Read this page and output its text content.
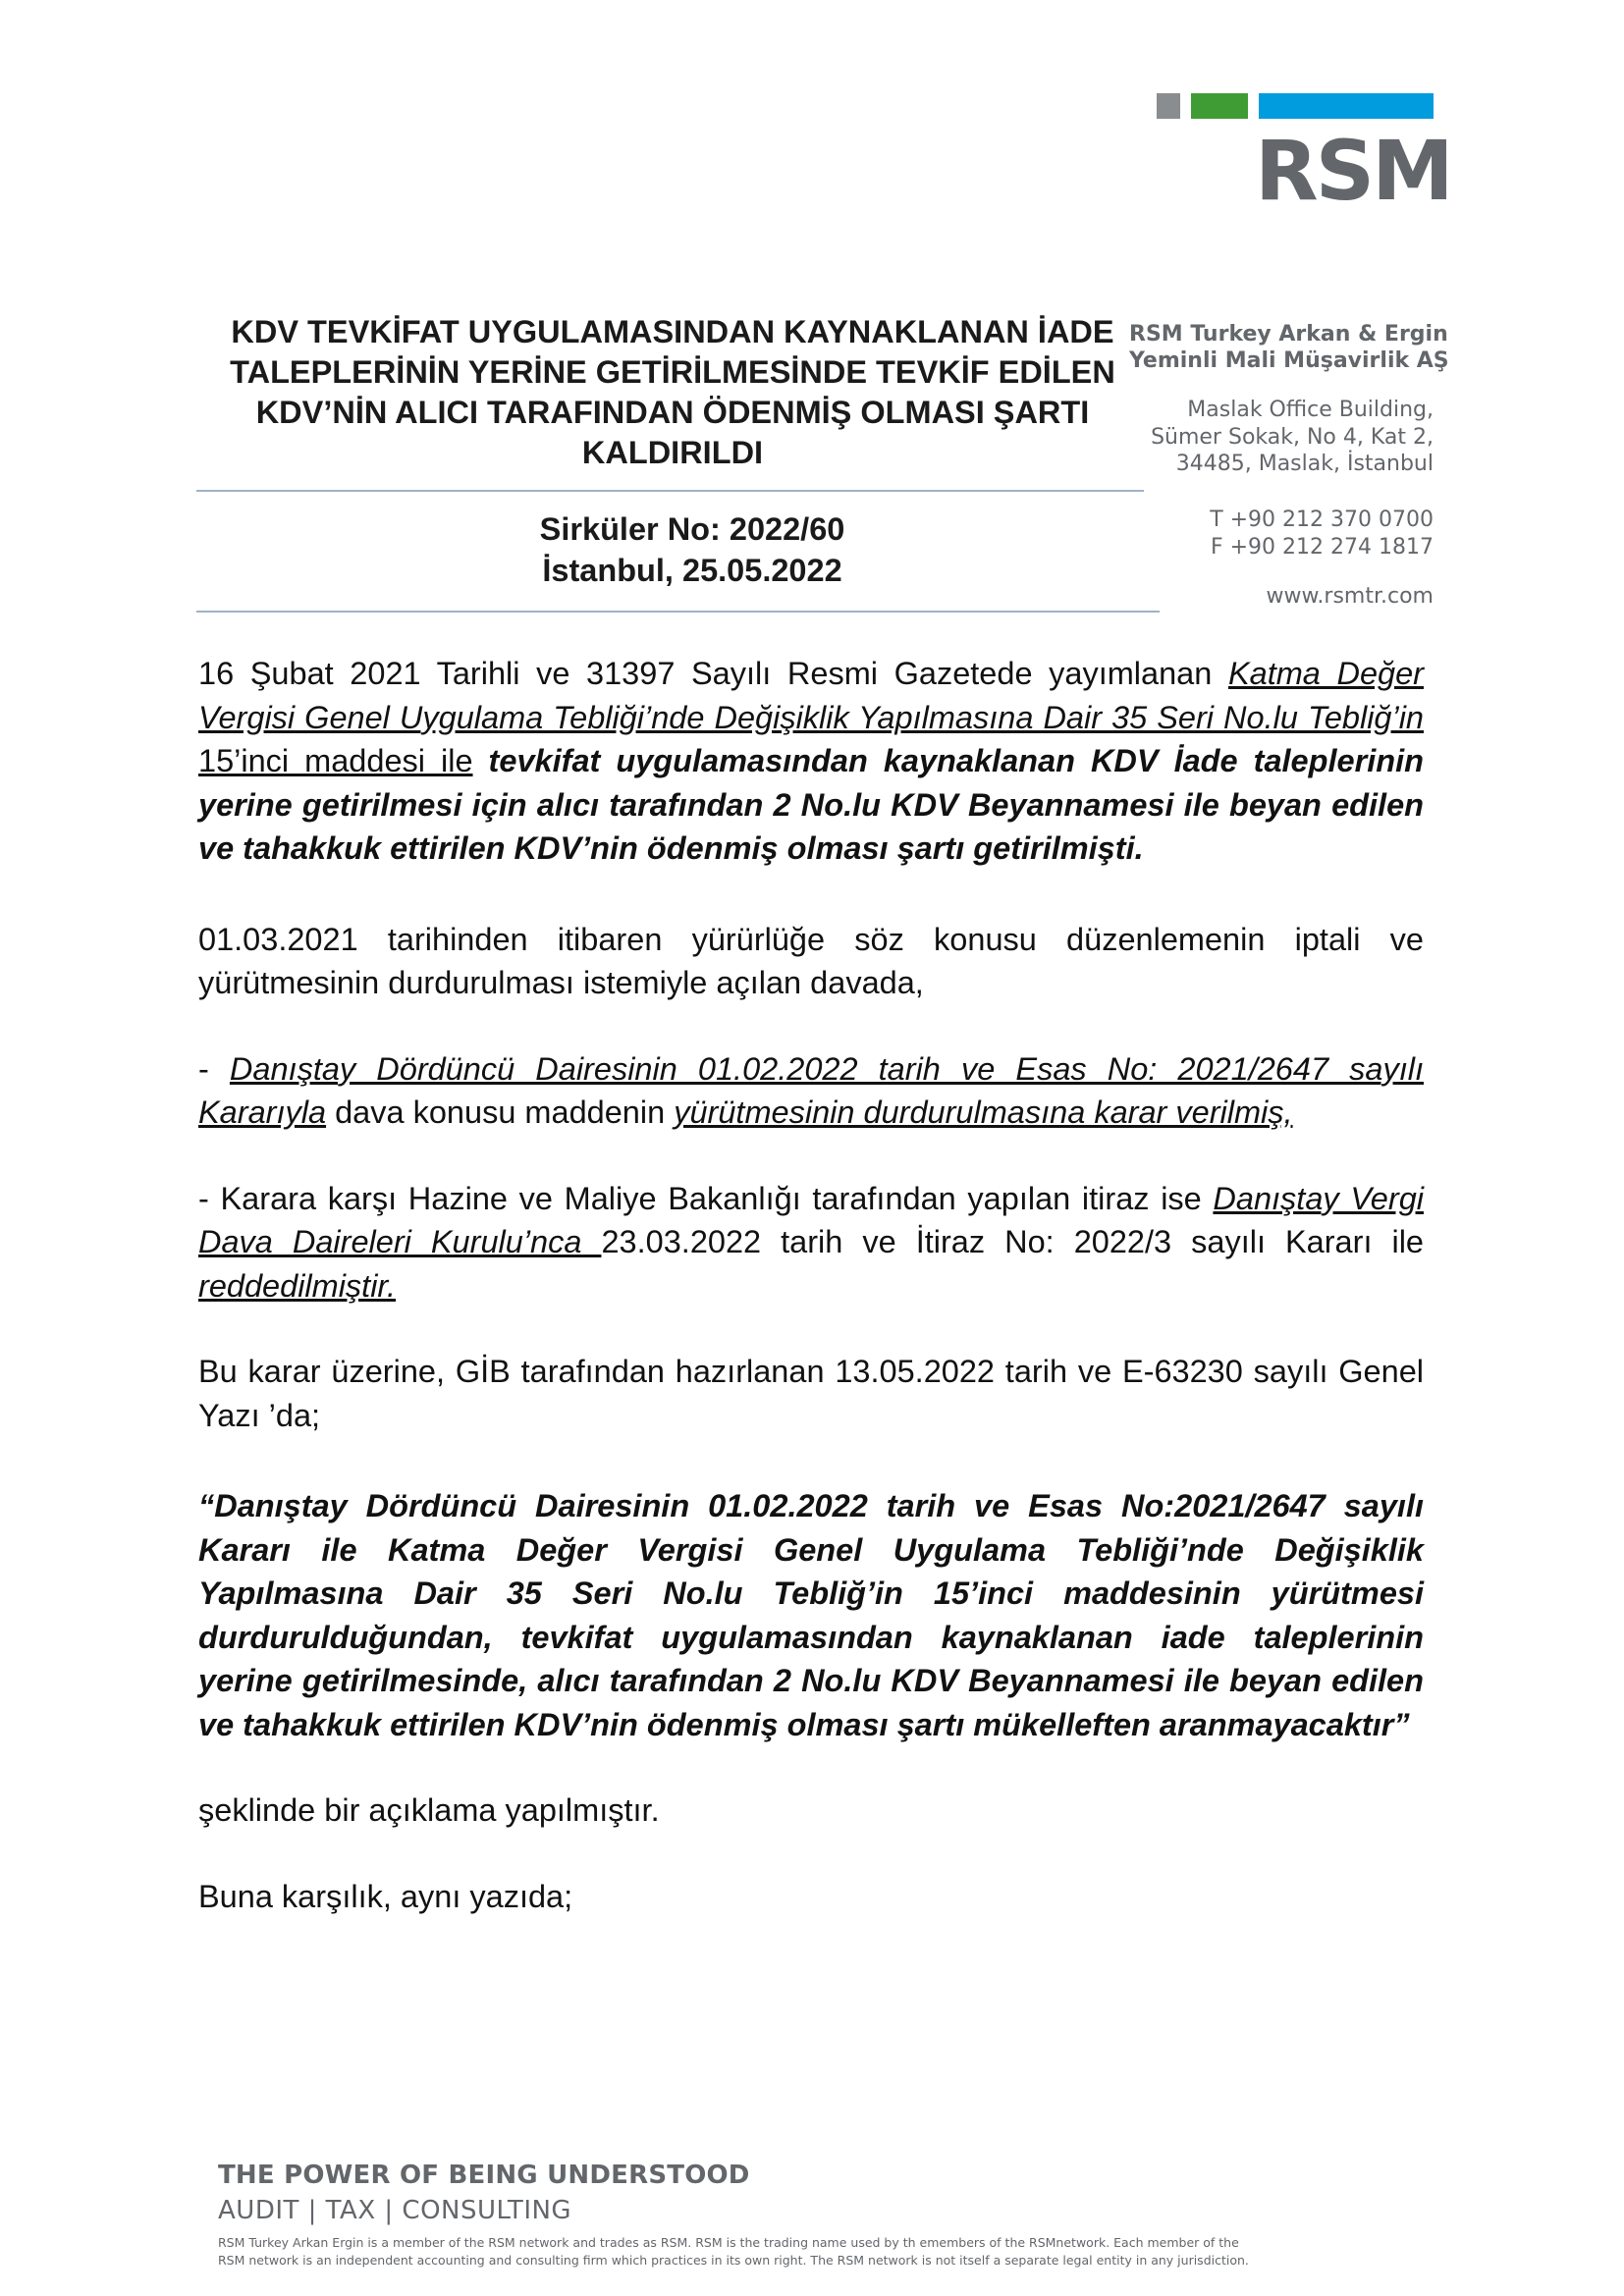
RSM
KDV TEVKİFAT UYGULAMASINDAN KAYNAKLANAN İADE
TALEPLERİNİN YERİNE GETİRİLMESİNDE TEVKİF EDİLEN
KDV’NİN ALICI TARAFINDAN ÖDENMİŞ OLMASI ŞARTI
KALDIRILDI
Sirküler No: 2022/60
İstanbul, 25.05.2022
RSM Turkey Arkan & Ergin
Yeminli Mali Müşavirlik AŞ
Maslak Office Building,
Sümer Sokak, No 4, Kat 2,
34485, Maslak, İstanbul
T +90 212 370 0700
F +90 212 274 1817
www.rsmtr.com

16 Şubat 2021 Tarihli ve 31397 Sayılı Resmi Gazetede yayımlanan Katma Değer Vergisi Genel Uygulama Tebliği’nde Değişiklik Yapılmasına Dair 35 Seri No.lu Tebliğ’in 15’inci maddesi ile tevkifat uygulamasından kaynaklanan KDV İade taleplerinin yerine getirilmesi için alıcı tarafından 2 No.lu KDV Beyannamesi ile beyan edilen ve tahakkuk ettirilen KDV’nin ödenmiş olması şartı getirilmişti.

01.03.2021 tarihinden itibaren yürürlüğe söz konusu düzenlemenin iptali ve yürütmesinin durdurulması istemiyle açılan davada,

- Danıştay Dördüncü Dairesinin 01.02.2022 tarih ve Esas No: 2021/2647 sayılı Kararıyla dava konusu maddenin yürütmesinin durdurulmasına karar verilmiş,

- Karara karşı Hazine ve Maliye Bakanlığı tarafından yapılan itiraz ise Danıştay Vergi Dava Daireleri Kurulu’nca 23.03.2022 tarih ve İtiraz No: 2022/3 sayılı Kararı ile reddedilmiştir.

Bu karar üzerine, GİB tarafından hazırlanan 13.05.2022 tarih ve E-63230 sayılı Genel Yazı ’da;

“Danıştay Dördüncü Dairesinin 01.02.2022 tarih ve Esas No:2021/2647 sayılı Kararı ile Katma Değer Vergisi Genel Uygulama Tebliği’nde Değişiklik Yapılmasına Dair 35 Seri No.lu Tebliğ’in 15’inci maddesinin yürütmesi durdurulduğundan, tevkifat uygulamasından kaynaklanan iade taleplerinin yerine getirilmesinde, alıcı tarafından 2 No.lu KDV Beyannamesi ile beyan edilen ve tahakkuk ettirilen KDV’nin ödenmiş olması şartı mükelleften aranmayacaktır”

şeklinde bir açıklama yapılmıştır.

Buna karşılık, aynı yazıda;

THE POWER OF BEING UNDERSTOOD
AUDIT | TAX | CONSULTING
RSM Turkey Arkan Ergin is a member of the RSM network and trades as RSM. RSM is the trading name used by th emembers of the RSMnetwork. Each member of the
RSM network is an independent accounting and consulting firm which practices in its own right. The RSM network is not itself a separate legal entity in any jurisdiction.
